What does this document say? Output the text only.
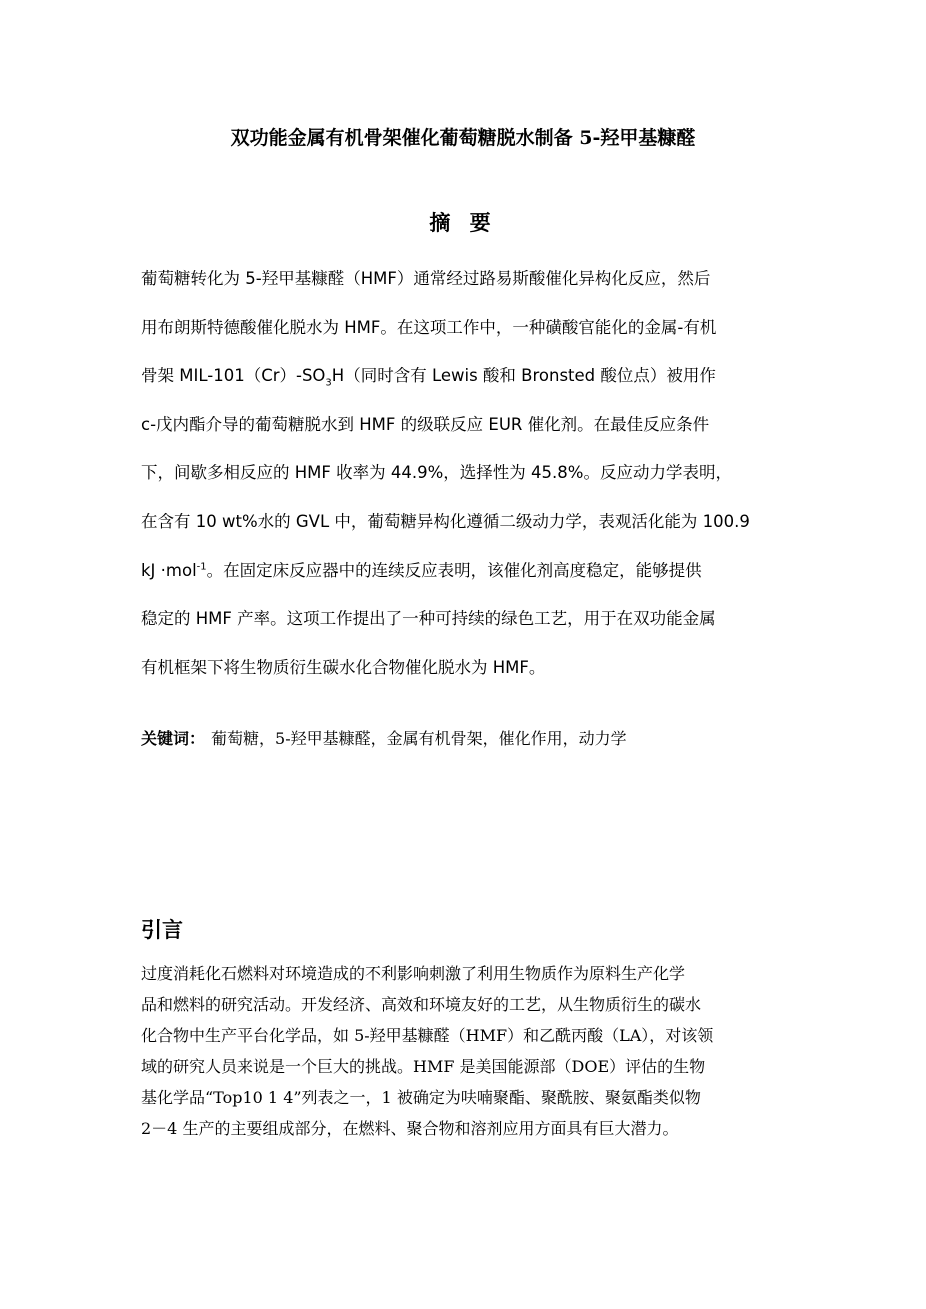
双功能金属有机骨架催化葡萄糖脱水制备 5-羟甲基糠醛
摘 要
葡萄糖转化为 5-羟甲基糠醛（HMF）通常经过路易斯酸催化异构化反应，然后
用布朗斯特德酸催化脱水为 HMF。在这项工作中，一种磺酸官能化的金属-有机
骨架 MIL-$101(Cr)-SO_3H$（同时含有 Lewis 酸和 Bronsted 酸位点）被用作
c-戊内酯介导的葡萄糖脱水到 HMF 的级联反应 EUR 催化剂。在最佳反应条件
下，间歇多相反应的 HMF 收率为 44.9%，选择性为 45.8%。反应动力学表明，
在含有 10 wt%水的 GVL 中，葡萄糖异构化遵循二级动力学，表观活化能为 100.9
kJ ·mol$^{-1}$。在固定床反应器中的连续反应表明，该催化剂高度稳定，能够提供
稳定的 HMF 产率。这项工作提出了一种可持续的绿色工艺，用于在双功能金属
有机框架下将生物质衍生碳水化合物催化脱水为 HMF。
关键词： 葡萄糖，5-羟甲基糠醛，金属有机骨架，催化作用，动力学
引言
过度消耗化石燃料对环境造成的不利影响刺激了利用生物质作为原料生产化学
品和燃料的研究活动。开发经济、高效和环境友好的工艺，从生物质衍生的碳水
化合物中生产平台化学品，如 5-羟甲基糠醛（HMF）和乙酰丙酸（LA），对该领
域的研究人员来说是一个巨大的挑战。HMF 是美国能源部（DOE）评估的生物
基化学品“Top10 1 4”列表之一，1 被确定为呋喃聚酯、聚酰胺、聚氨酯类似物
2－4 生产的主要组成部分，在燃料、聚合物和溶剂应用方面具有巨大潜力。
